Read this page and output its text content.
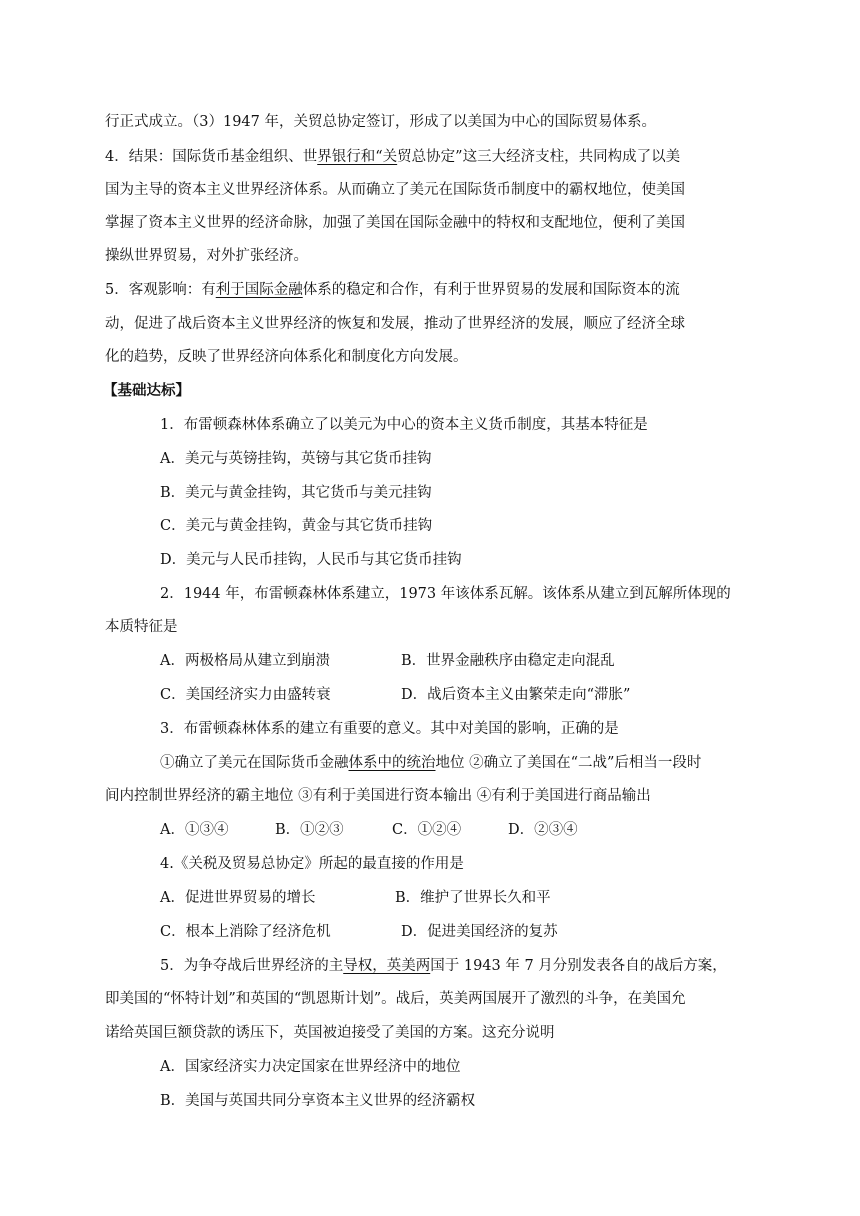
行正式成立。（3）1947 年，关贸总协定签订，形成了以美国为中心的国际贸易体系。
4．结果：国际货币基金组织、世界银行和“关贸总协定”这三大经济支柱，共同构成了以美
国为主导的资本主义世界经济体系。从而确立了美元在国际货币制度中的霸权地位，使美国
掌握了资本主义世界的经济命脉，加强了美国在国际金融中的特权和支配地位，便利了美国
操纵世界贸易，对外扩张经济。
5．客观影响：有利于国际金融体系的稳定和合作，有利于世界贸易的发展和国际资本的流
动，促进了战后资本主义世界经济的恢复和发展，推动了世界经济的发展，顺应了经济全球
化的趋势，反映了世界经济向体系化和制度化方向发展。
【基础达标】
1．布雷顿森林体系确立了以美元为中心的资本主义货币制度，其基本特征是
A．美元与英镑挂钩，英镑与其它货币挂钩
B．美元与黄金挂钩，其它货币与美元挂钩
C．美元与黄金挂钩，黄金与其它货币挂钩
D．美元与人民币挂钩，人民币与其它货币挂钩
2．1944 年，布雷顿森林体系建立，1973 年该体系瓦解。该体系从建立到瓦解所体现的
本质特征是
A．两极格局从建立到崩溃	B．世界金融秩序由稳定走向混乱
C．美国经济实力由盛转衰	D．战后资本主义由繁荣走向“滞胀”
3．布雷顿森林体系的建立有重要的意义。其中对美国的影响，正确的是
①确立了美元在国际货币金融体系中的统治地位 ②确立了美国在“二战”后相当一段时
间内控制世界经济的霸主地位 ③有利于美国进行资本输出 ④有利于美国进行商品输出
A．①③④	B．①②③	C．①②④	D．②③④
4.《关税及贸易总协定》所起的最直接的作用是
A．促进世界贸易的增长	B．维护了世界长久和平
C．根本上消除了经济危机	D．促进美国经济的复苏
5．为争夺战后世界经济的主导权，英美两国于 1943 年 7 月分别发表各自的战后方案，
即美国的“怀特计划”和英国的“凯恩斯计划”。战后，英美两国展开了激烈的斗争，在美国允
诺给英国巨额贷款的诱压下，英国被迫接受了美国的方案。这充分说明
A．国家经济实力决定国家在世界经济中的地位
B．美国与英国共同分享资本主义世界的经济霸权
